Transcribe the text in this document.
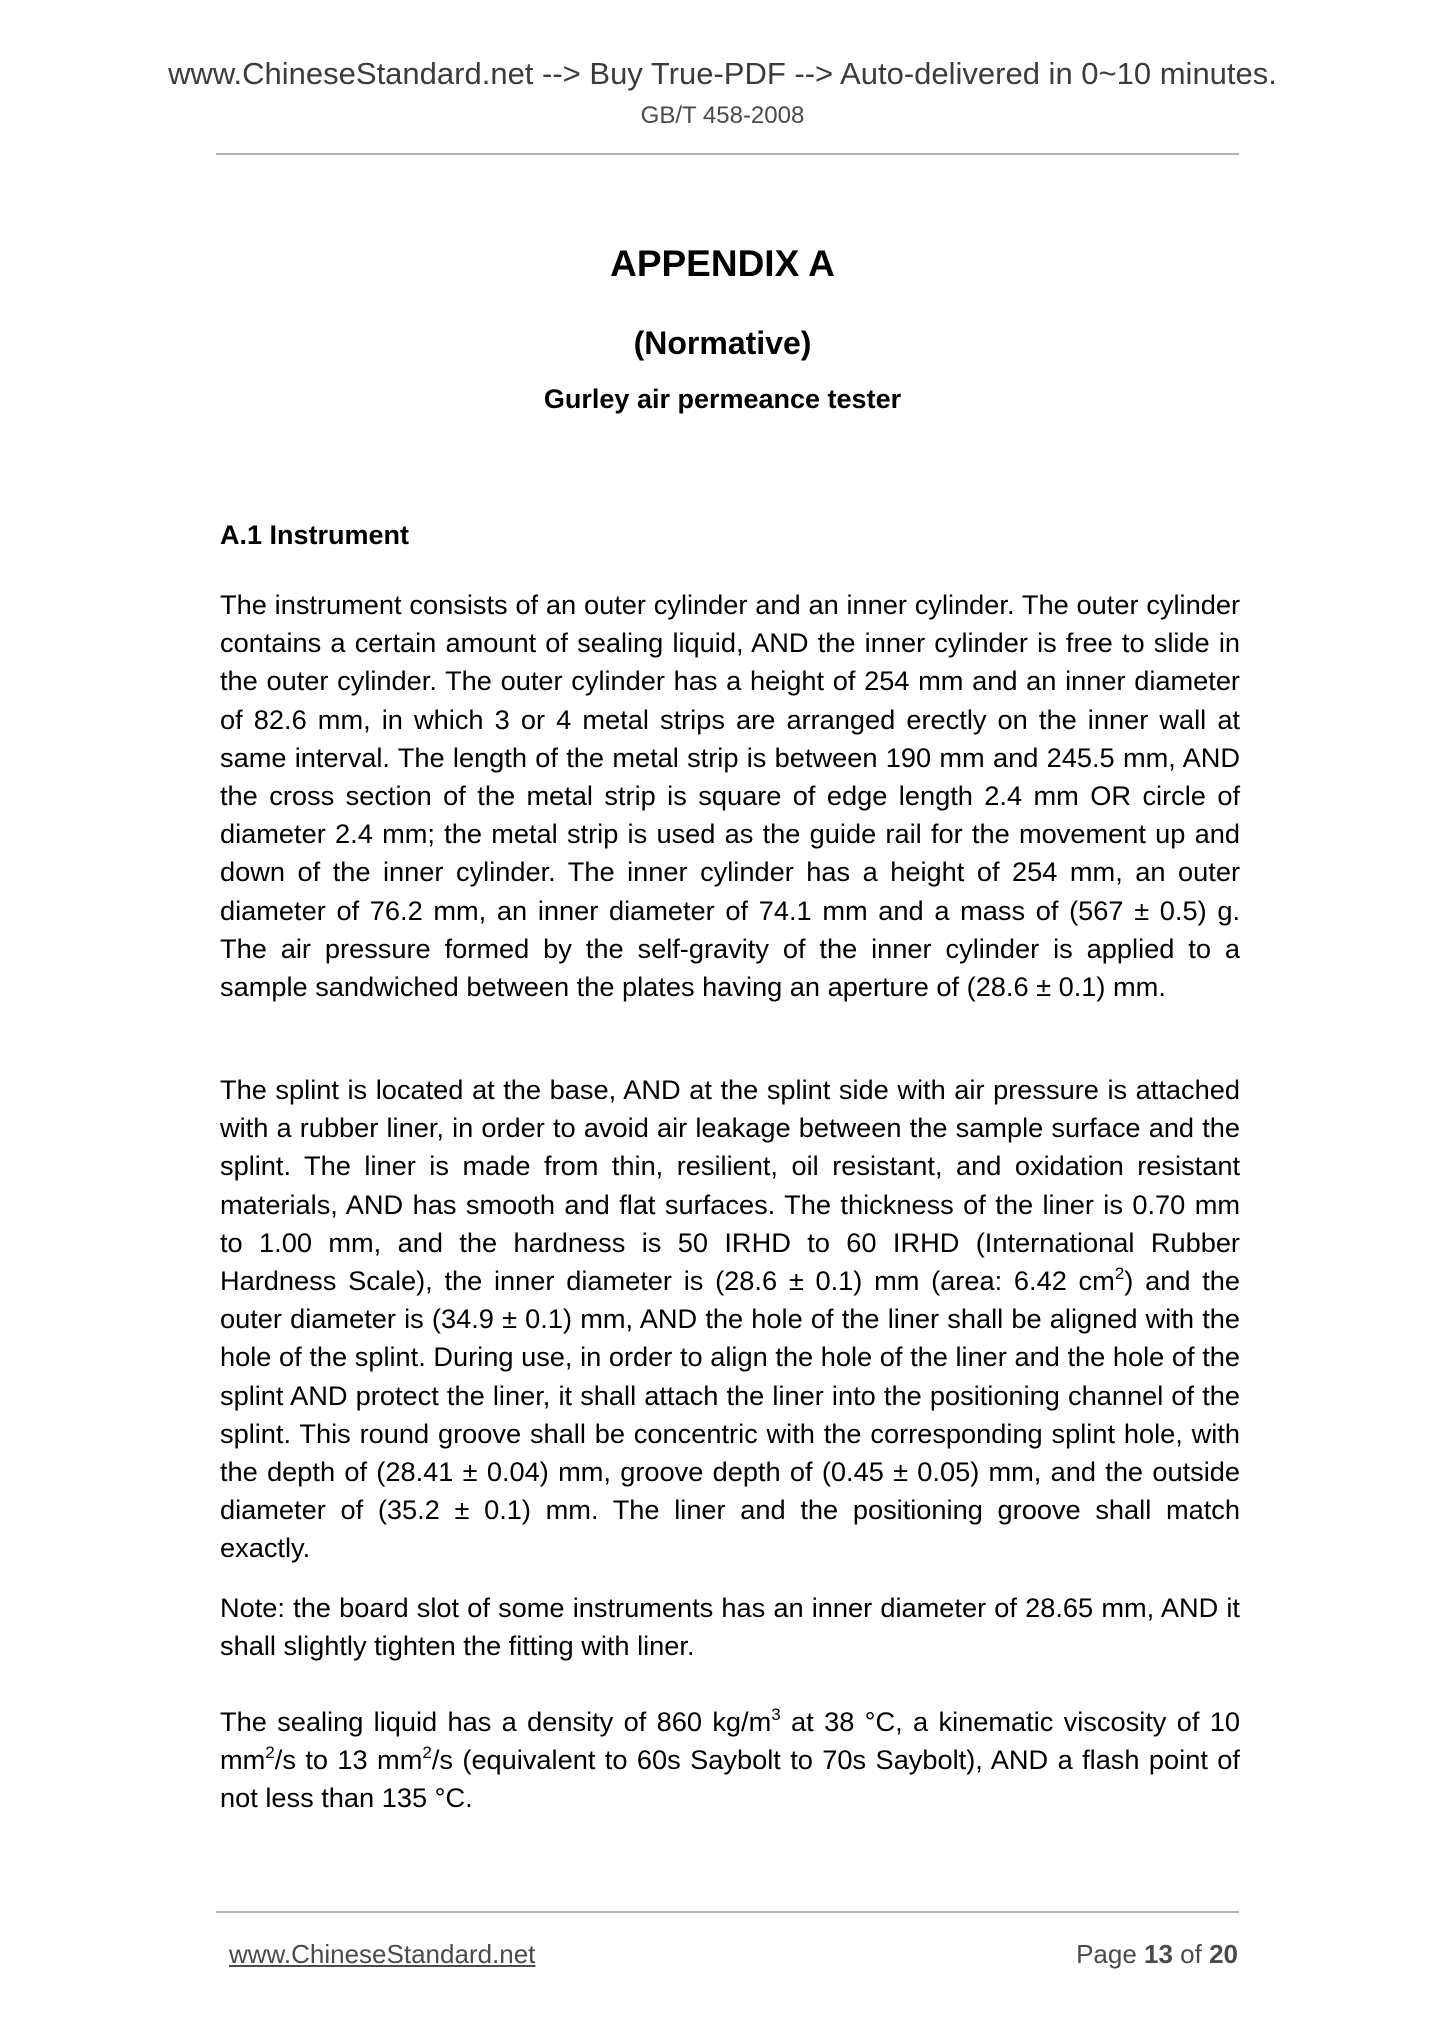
www.ChineseStandard.net --> Buy True-PDF --> Auto-delivered in 0~10 minutes.
GB/T 458-2008
APPENDIX A
(Normative)
Gurley air permeance tester
A.1 Instrument

The instrument consists of an outer cylinder and an inner cylinder. The outer cylinder contains a certain amount of sealing liquid, AND the inner cylinder is free to slide in the outer cylinder. The outer cylinder has a height of 254 mm and an inner diameter of 82.6 mm, in which 3 or 4 metal strips are arranged erectly on the inner wall at same interval. The length of the metal strip is between 190 mm and 245.5 mm, AND the cross section of the metal strip is square of edge length 2.4 mm OR circle of diameter 2.4 mm; the metal strip is used as the guide rail for the movement up and down of the inner cylinder. The inner cylinder has a height of 254 mm, an outer diameter of 76.2 mm, an inner diameter of 74.1 mm and a mass of (567 ± 0.5) g. The air pressure formed by the self-gravity of the inner cylinder is applied to a sample sandwiched between the plates having an aperture of (28.6 ± 0.1) mm.

The splint is located at the base, AND at the splint side with air pressure is attached with a rubber liner, in order to avoid air leakage between the sample surface and the splint. The liner is made from thin, resilient, oil resistant, and oxidation resistant materials, AND has smooth and flat surfaces. The thickness of the liner is 0.70 mm to 1.00 mm, and the hardness is 50 IRHD to 60 IRHD (International Rubber Hardness Scale), the inner diameter is (28.6 ± 0.1) mm (area: 6.42 $cm^2$) and the outer diameter is (34.9 ± 0.1) mm, AND the hole of the liner shall be aligned with the hole of the splint. During use, in order to align the hole of the liner and the hole of the splint AND protect the liner, it shall attach the liner into the positioning channel of the splint. This round groove shall be concentric with the corresponding splint hole, with the depth of (28.41 ± 0.04) mm, groove depth of (0.45 ± 0.05) mm, and the outside diameter of (35.2 ± 0.1) mm. The liner and the positioning groove shall match exactly.

Note: the board slot of some instruments has an inner diameter of 28.65 mm, AND it shall slightly tighten the fitting with liner.

The sealing liquid has a density of 860 $kg/m^3$ at 38 °C, a kinematic viscosity of 10 $mm^2/s$ to 13 $mm^2/s$ (equivalent to 60s Saybolt to 70s Saybolt), AND a flash point of not less than 135 °C.

www.ChineseStandard.net	Page 13 of 20
